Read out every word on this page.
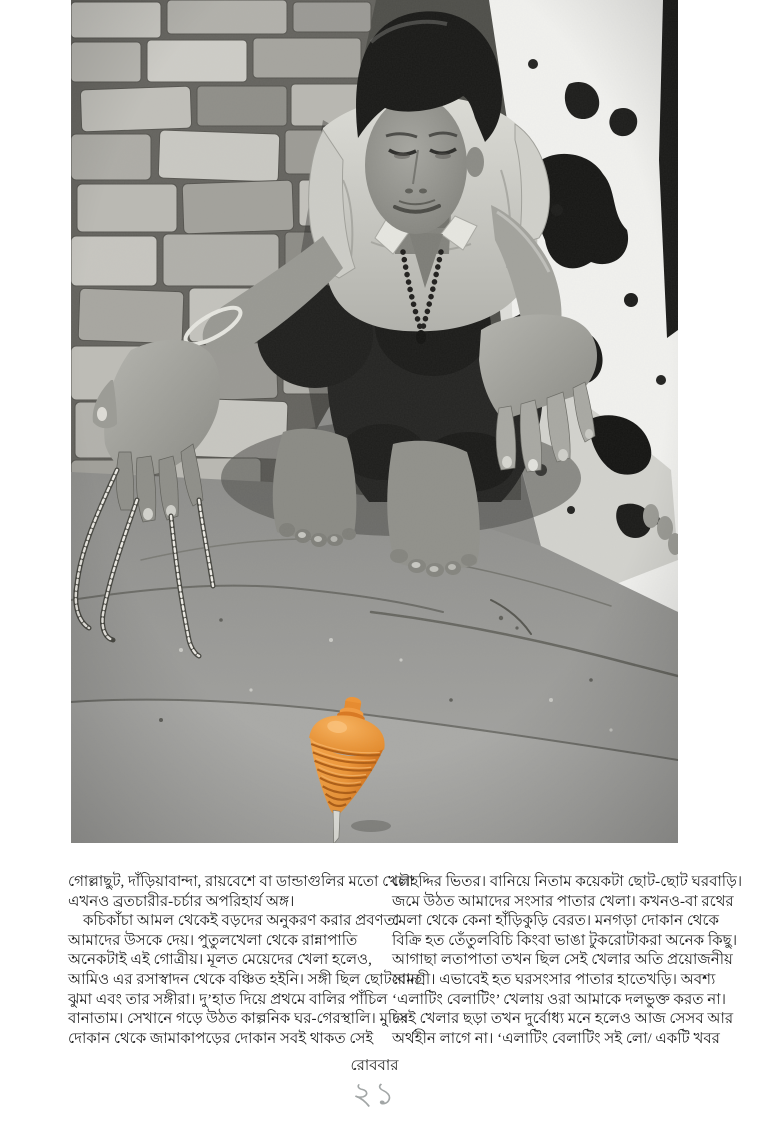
গোল্লাছুট, দাঁড়িয়াবান্দা, রায়বেশে বা ডান্ডাগুলির মতো খেলা
এখনও ব্রতচারীর-চর্চার অপরিহার্য অঙ্গ।
কচিকাঁচা আমল থেকেই বড়দের অনুকরণ করার প্রবণতা
আমাদের উসকে দেয়। পুতুলখেলা থেকে রান্নাপাতি
অনেকটাই এই গোত্রীয়। মূলত মেয়েদের খেলা হলেও,
আমিও এর রসাস্বাদন থেকে বঞ্চিত হইনি। সঙ্গী ছিল ছোটবোন
ঝুমা এবং তার সঙ্গীরা। দু’হাত দিয়ে প্রথমে বালির পাঁচিল
বানাতাম। সেখানে গড়ে উঠত কাল্পনিক ঘর-গেরস্থালি। মুদির
দোকান থেকে জামাকাপড়ের দোকান সবই থাকত সেই
চৌহদ্দির ভিতর। বানিয়ে নিতাম কয়েকটা ছোট-ছোট ঘরবাড়ি।
জমে উঠত আমাদের সংসার পাতার খেলা। কখনও-বা রথের
মেলা থেকে কেনা হাঁড়িকুড়ি বেরত। মনগড়া দোকান থেকে
বিক্রি হত তেঁতুলবিচি কিংবা ভাঙা টুকরোটাকরা অনেক কিছু।
আগাছা লতাপাতা তখন ছিল সেই খেলার অতি প্রয়োজনীয়
সামগ্রী। এভাবেই হত ঘরসংসার পাতার হাতেখড়ি। অবশ্য
‘এলাটিং বেলাটিং’ খেলায় ওরা আমাকে দলভুক্ত করত না।
সেই খেলার ছড়া তখন দুর্বোধ্য মনে হলেও আজ সেসব আর
অর্থহীন লাগে না। ‘এলাটিং বেলাটিং সই লো/ একটি খবর
রোববার
২১
